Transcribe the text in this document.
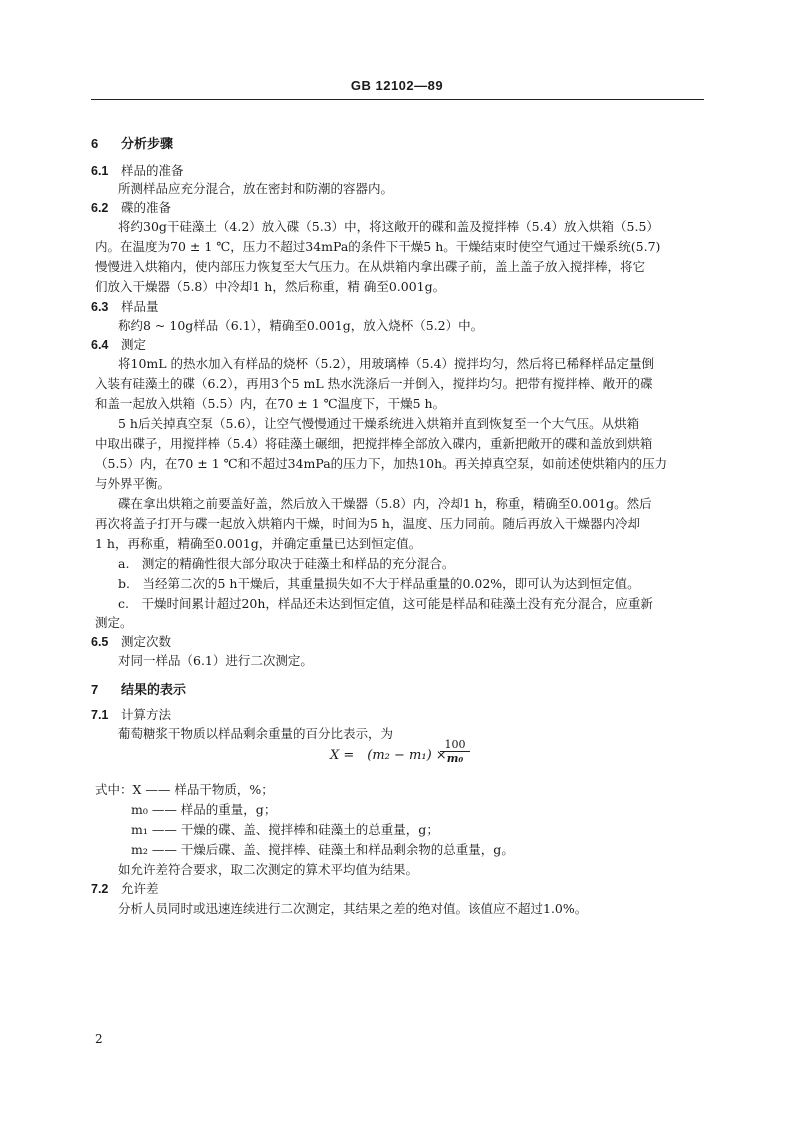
GB 12102—89
6 分析步骤
6.1 样品的准备
所测样品应充分混合，放在密封和防潮的容器内。
6.2 碟的准备
将约30g干硅藻土（4.2）放入碟（5.3）中，将这敞开的碟和盖及搅拌棒（5.4）放入烘箱（5.5）
内。在温度为70 ± 1 ℃，压力不超过34mPa的条件下干燥5 h。干燥结束时使空气通过干燥系统(5.7)
慢慢进入烘箱内，使内部压力恢复至大气压力。在从烘箱内拿出碟子前，盖上盖子放入搅拌棒，将它
们放入干燥器（5.8）中冷却1 h，然后称重，精 确至0.001g。
6.3 样品量
称约8 ~ 10g样品（6.1），精确至0.001g，放入烧杯（5.2）中。
6.4 测定
将10mL 的热水加入有样品的烧杯（5.2），用玻璃棒（5.4）搅拌均匀，然后将已稀释样品定量倒
入装有硅藻土的碟（6.2），再用3个5 mL 热水洗涤后一并倒入，搅拌均匀。把带有搅拌棒、敞开的碟
和盖一起放入烘箱（5.5）内，在70 ± 1 ℃温度下，干燥5 h。
5 h后关掉真空泵（5.6），让空气慢慢通过干燥系统进入烘箱并直到恢复至一个大气压。从烘箱
中取出碟子，用搅拌棒（5.4）将硅藻土碾细，把搅拌棒全部放入碟内，重新把敞开的碟和盖放到烘箱
（5.5）内，在70 ± 1 ℃和不超过34mPa的压力下，加热10h。再关掉真空泵，如前述使烘箱内的压力
与外界平衡。
碟在拿出烘箱之前要盖好盖，然后放入干燥器（5.8）内，冷却1 h，称重，精确至0.001g。然后
再次将盖子打开与碟一起放入烘箱内干燥，时间为5 h，温度、压力同前。随后再放入干燥器内冷却
1 h，再称重，精确至0.001g，并确定重量已达到恒定值。
a.　测定的精确性很大部分取决于硅藻土和样品的充分混合。
b.　当经第二次的5 h干燥后，其重量损失如不大于样品重量的0.02%，即可认为达到恒定值。
c.　干燥时间累计超过20h，样品还未达到恒定值，这可能是样品和硅藻土没有充分混合，应重新
测定。
6.5 测定次数
对同一样品（6.1）进行二次测定。
7 结果的表示
7.1 计算方法
葡萄糖浆干物质以样品剩余重量的百分比表示，为
X =　(m₂ − m₁) ×
$\frac{100}{\text{m₀}}$
式中：X —— 样品干物质，%；
m₀ —— 样品的重量，g；
m₁ —— 干燥的碟、盖、搅拌棒和硅藻土的总重量，g；
m₂ —— 干燥后碟、盖、搅拌棒、硅藻土和样品剩余物的总重量，g。
如允许差符合要求，取二次测定的算术平均值为结果。
7.2 允许差
分析人员同时或迅速连续进行二次测定，其结果之差的绝对值。该值应不超过1.0%。
2
